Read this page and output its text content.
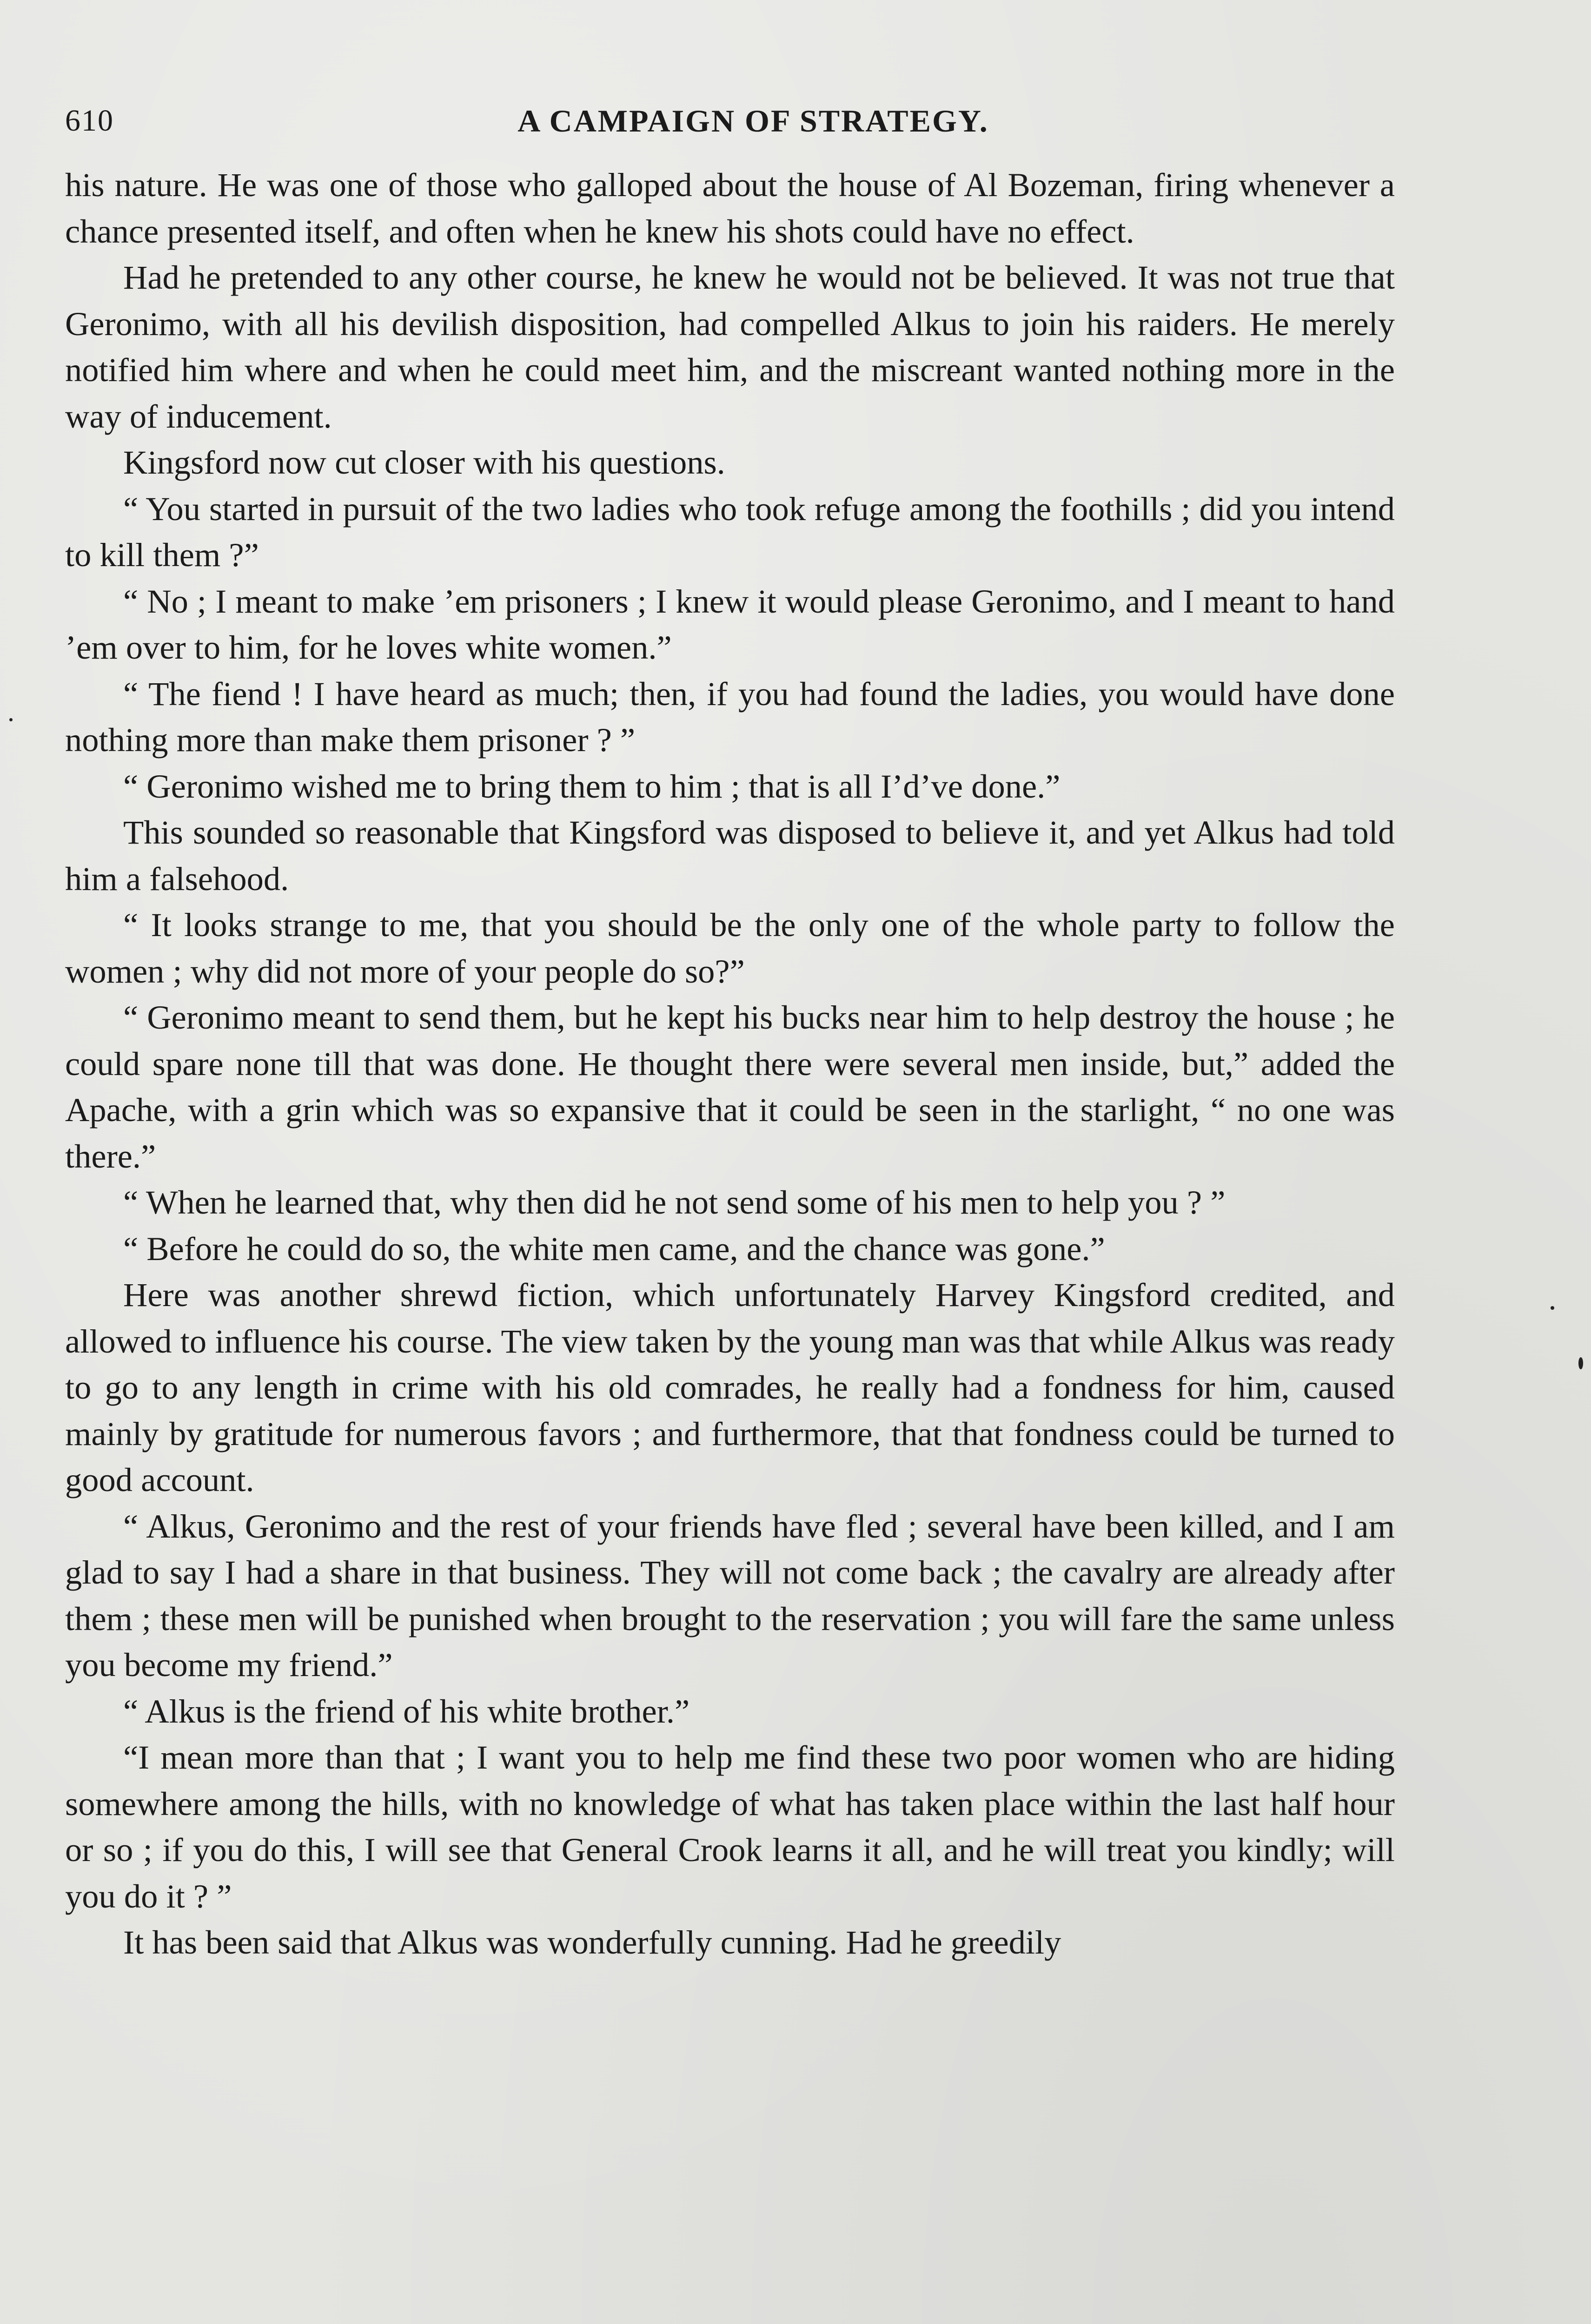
610	A CAMPAIGN OF STRATEGY.

his nature. He was one of those who galloped about the house of Al Bozeman, firing whenever a chance presented itself, and often when he knew his shots could have no effect.

Had he pretended to any other course, he knew he would not be believed. It was not true that Geronimo, with all his devilish disposition, had compelled Alkus to join his raiders. He merely notified him where and when he could meet him, and the miscreant wanted nothing more in the way of inducement.

Kingsford now cut closer with his questions.

“ You started in pursuit of the two ladies who took refuge among the foothills ; did you intend to kill them ?”

“ No ; I meant to make ’em prisoners ; I knew it would please Geronimo, and I meant to hand ’em over to him, for he loves white women.”

“ The fiend ! I have heard as much; then, if you had found the ladies, you would have done nothing more than make them prisoner ? ”

“ Geronimo wished me to bring them to him ; that is all I’d’ve done.”

This sounded so reasonable that Kingsford was disposed to believe it, and yet Alkus had told him a falsehood.

“ It looks strange to me, that you should be the only one of the whole party to follow the women ; why did not more of your people do so?”

“ Geronimo meant to send them, but he kept his bucks near him to help destroy the house ; he could spare none till that was done. He thought there were several men inside, but,” added the Apache, with a grin which was so expansive that it could be seen in the starlight, “ no one was there.”

“ When he learned that, why then did he not send some of his men to help you ? ”

“ Before he could do so, the white men came, and the chance was gone.”

Here was another shrewd fiction, which unfortunately Harvey Kingsford credited, and allowed to influence his course. The view taken by the young man was that while Alkus was ready to go to any length in crime with his old comrades, he really had a fondness for him, caused mainly by gratitude for numerous favors ; and furthermore, that that fondness could be turned to good account.

“ Alkus, Geronimo and the rest of your friends have fled ; several have been killed, and I am glad to say I had a share in that business. They will not come back ; the cavalry are already after them ; these men will be punished when brought to the reservation ; you will fare the same unless you become my friend.”

“ Alkus is the friend of his white brother.”

“I mean more than that ; I want you to help me find these two poor women who are hiding somewhere among the hills, with no knowledge of what has taken place within the last half hour or so ; if you do this, I will see that General Crook learns it all, and he will treat you kindly; will you do it ? ”

It has been said that Alkus was wonderfully cunning. Had he greedily
